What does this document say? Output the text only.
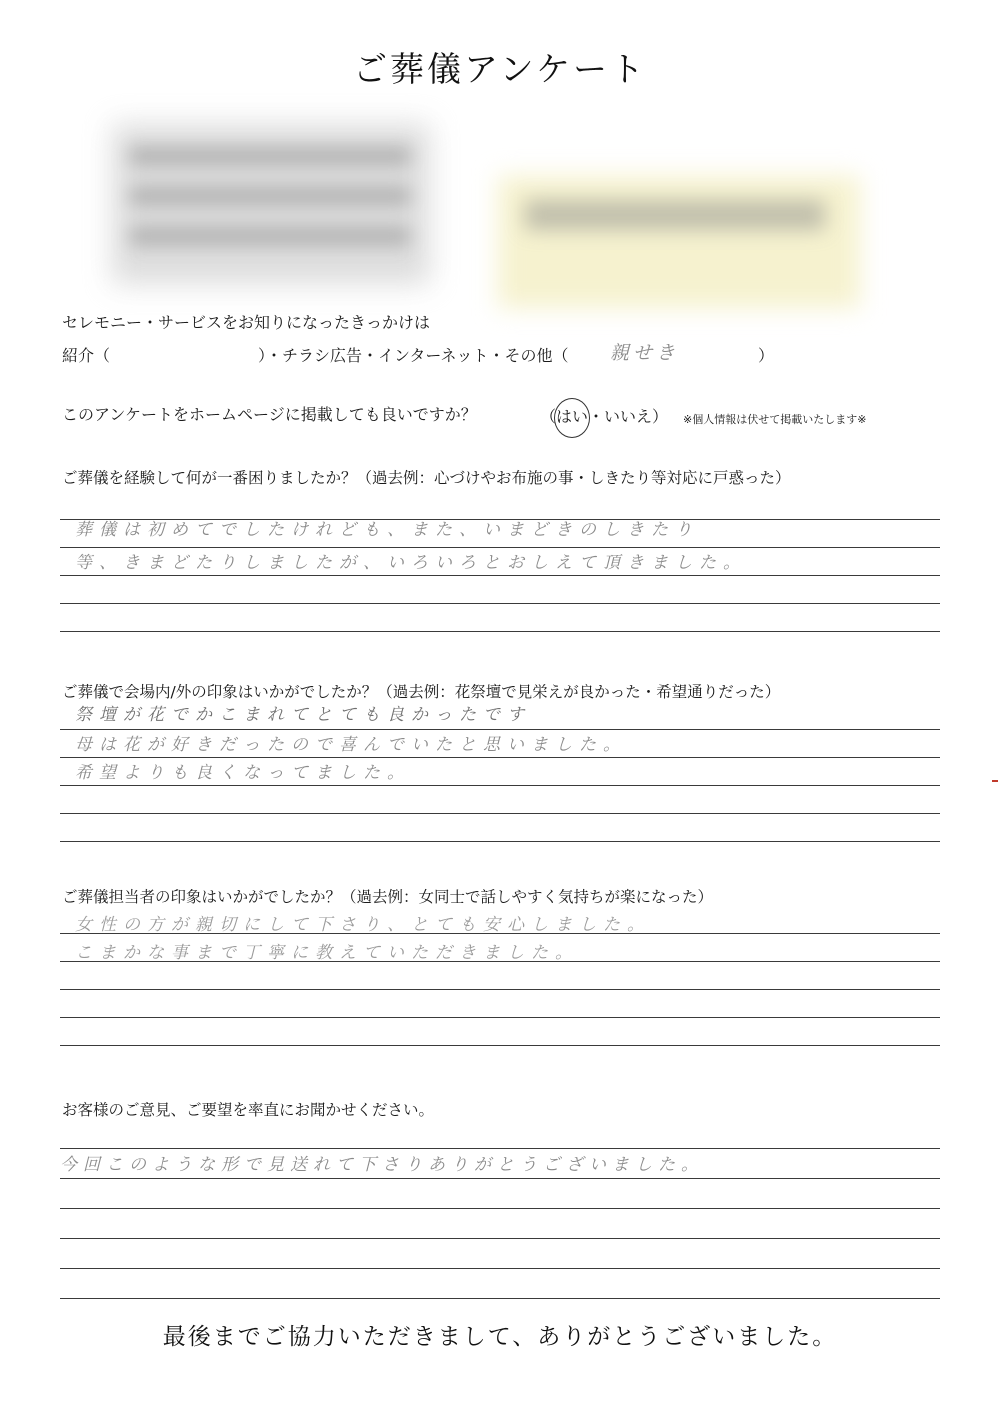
ご葬儀アンケート
セレモニー・サービスをお知りになったきっかけは
紹介（	）・チラシ広告・インターネット・その他（ 親せき	）
このアンケートをホームページに掲載しても良いですか？	（はい・いいえ） ※個人情報は伏せて掲載いたします※
ご葬儀を経験して何が一番困りましたか？（過去例：心づけやお布施の事・しきたり等対応に戸惑った）
葬儀は初めてでしたけれども、また、いまどきのしきたり
等、きまどたりしましたが、いろいろとおしえて頂きました。
ご葬儀で会場内/外の印象はいかがでしたか？（過去例：花祭壇で見栄えが良かった・希望通りだった）
祭壇が花でかこまれてとても良かったです
母は花が好きだったので喜んでいたと思いました。
希望よりも良くなってました。
ご葬儀担当者の印象はいかがでしたか？（過去例：女同士で話しやすく気持ちが楽になった）
女性の方が親切にして下さり、とても安心しました。
こまかな事まで丁寧に教えていただきました。
お客様のご意見、ご要望を率直にお聞かせください。
今回このような形で見送れて下さりありがとうございました。
最後までご協力いただきまして、ありがとうございました。
